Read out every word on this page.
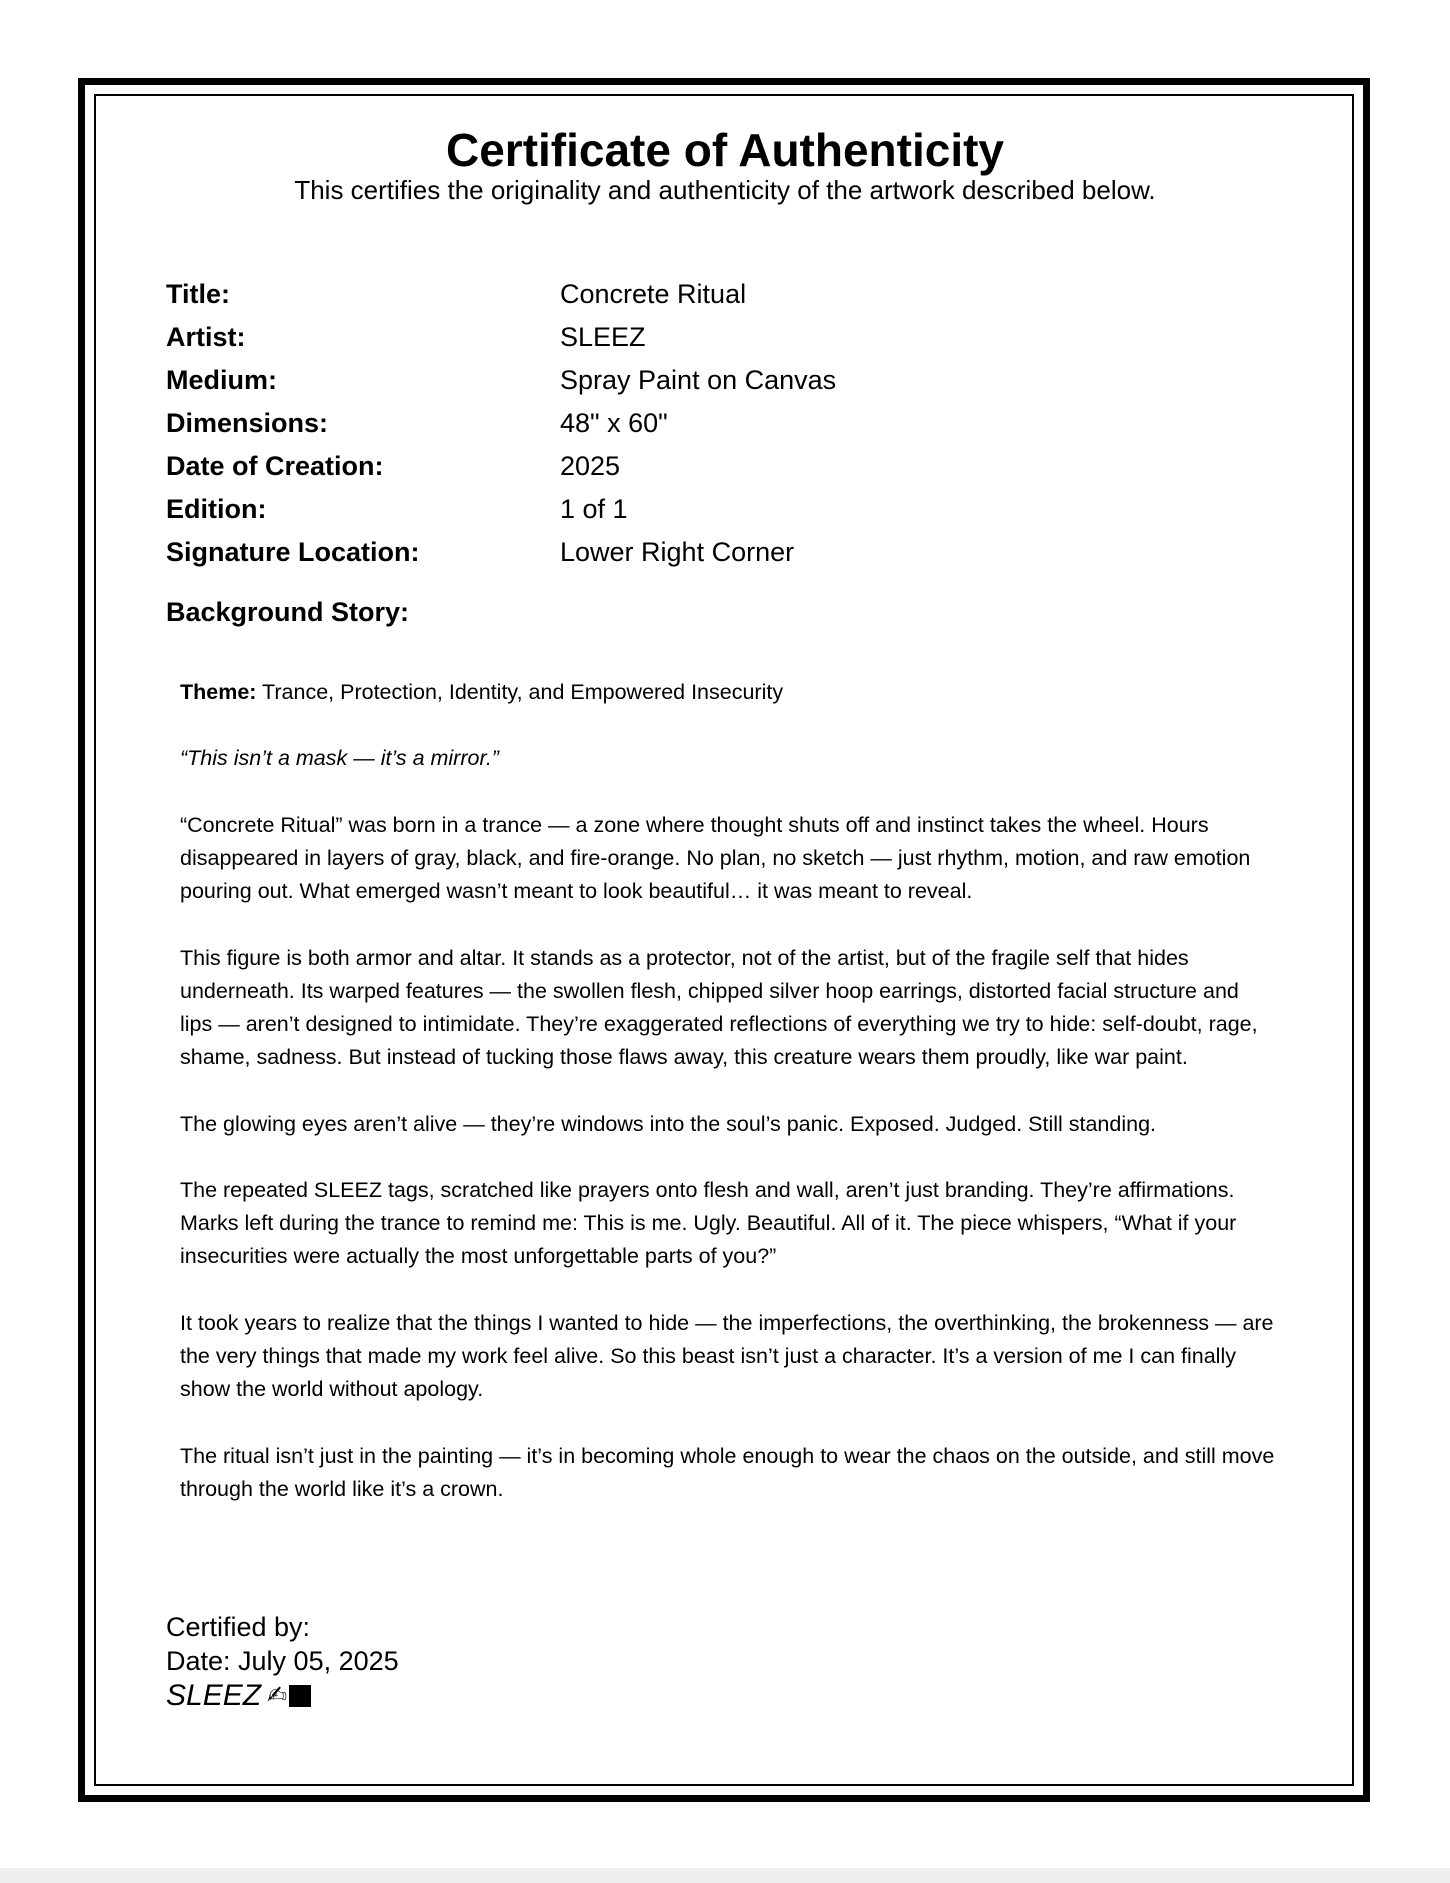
Certificate of Authenticity

This certifies the originality and authenticity of the artwork described below.

Title:	Concrete Ritual
Artist:	SLEEZ
Medium:	Spray Paint on Canvas
Dimensions:	48" x 60"
Date of Creation:	2025
Edition:	1 of 1
Signature Location:	Lower Right Corner
Background Story:

Theme: Trance, Protection, Identity, and Empowered Insecurity

“This isn’t a mask — it’s a mirror.”

“Concrete Ritual” was born in a trance — a zone where thought shuts off and instinct takes the wheel. Hours disappeared in layers of gray, black, and fire-orange. No plan, no sketch — just rhythm, motion, and raw emotion pouring out. What emerged wasn’t meant to look beautiful… it was meant to reveal.

This figure is both armor and altar. It stands as a protector, not of the artist, but of the fragile self that hides underneath. Its warped features — the swollen flesh, chipped silver hoop earrings, distorted facial structure and lips — aren’t designed to intimidate. They’re exaggerated reflections of everything we try to hide: self-doubt, rage, shame, sadness. But instead of tucking those flaws away, this creature wears them proudly, like war paint.

The glowing eyes aren’t alive — they’re windows into the soul’s panic. Exposed. Judged. Still standing.

The repeated SLEEZ tags, scratched like prayers onto flesh and wall, aren’t just branding. They’re affirmations. Marks left during the trance to remind me: This is me. Ugly. Beautiful. All of it. The piece whispers, “What if your insecurities were actually the most unforgettable parts of you?”

It took years to realize that the things I wanted to hide — the imperfections, the overthinking, the brokenness — are the very things that made my work feel alive. So this beast isn’t just a character. It’s a version of me I can finally show the world without apology.

The ritual isn’t just in the painting — it’s in becoming whole enough to wear the chaos on the outside, and still move through the world like it’s a crown.

Certified by:
Date: July 05, 2025
SLEEZ ✍
